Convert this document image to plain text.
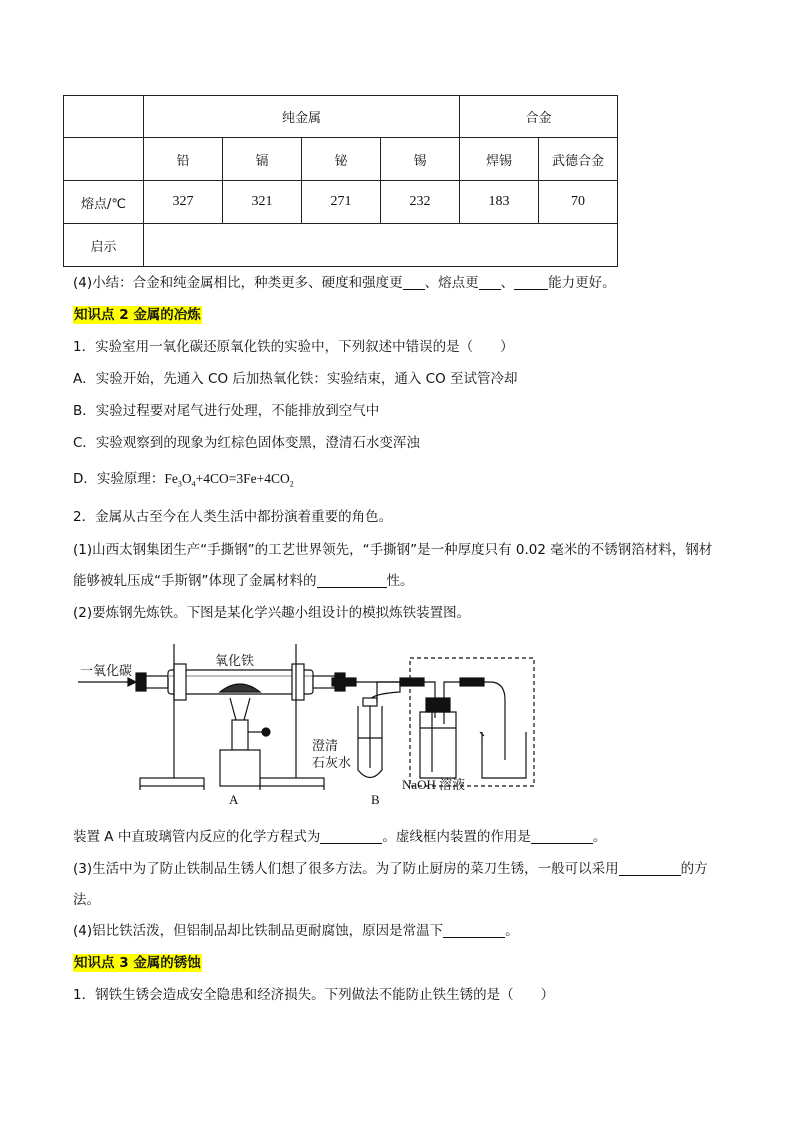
	纯金属				合金	
	铅	镉	铋	锡	焊锡	武德合金
熔点/℃	327	321	271	232	183	70
启示						
(4)小结：合金和纯金属相比，种类更多、硬度和强度更 、熔点更 、	能力更好。
知识点 2 金属的冶炼
1．实验室用一氧化碳还原氧化铁的实验中，下列叙述中错误的是（　　）
A．实验开始，先通入 CO 后加热氧化铁：实验结束，通入 CO 至试管冷却
B．实验过程要对尾气进行处理，不能排放到空气中
C．实验观察到的现象为红棕色固体变黑，澄清石水变浑浊
D．实验原理：$Fe_3O_4+4CO=3Fe+4CO_2$
2．金属从古至今在人类生活中都扮演着重要的角色。
(1)山西太钢集团生产“手撕钢”的工艺世界领先，“手撕钢”是一种厚度只有 0.02 毫米的不锈钢箔材料，钢材
能够被轧压成“手斯钢”体现了金属材料的	性。
(2)要炼钢先炼铁。下图是某化学兴趣小组设计的模拟炼铁装置图。
一氧化碳
氧化铁
澄清
石灰水
NaOH 溶液
A	B
装置 A 中直玻璃管内反应的化学方程式为	。虚线框内装置的作用是	。
(3)生活中为了防止铁制品生锈人们想了很多方法。为了防止厨房的菜刀生锈，一般可以采用	的方
法。
(4)铝比铁活泼，但铝制品却比铁制品更耐腐蚀，原因是常温下	。
知识点 3 金属的锈蚀
1．钢铁生锈会造成安全隐患和经济损失。下列做法不能防止铁生锈的是（　　）
